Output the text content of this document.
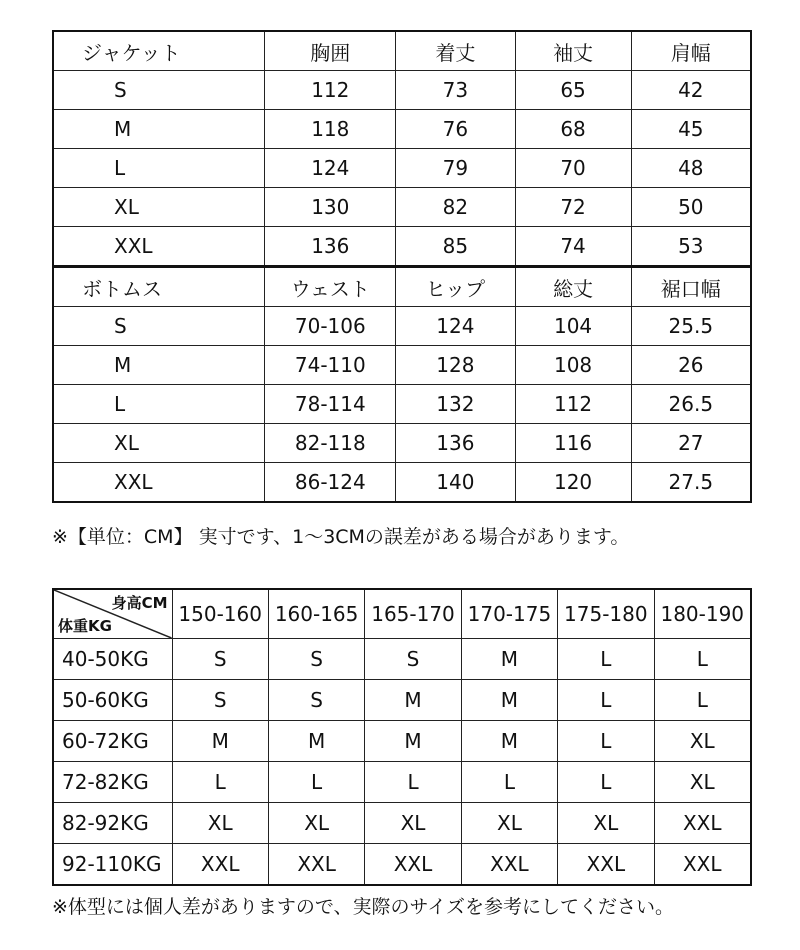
ジャケット	胸囲	着丈	袖丈	肩幅
S	112	73	65	42
M	118	76	68	45
L	124	79	70	48
XL	130	82	72	50
XXL	136	85	74	53
ボトムス	ウェスト	ヒップ	総丈	裾口幅
S	70-106	124	104	25.5
M	74-110	128	108	26
L	78-114	132	112	26.5
XL	82-118	136	116	27
XXL	86-124	140	120	27.5
※【単位：CM】 実寸です、1～3CMの誤差がある場合があります。
身高CM
体重KG	150-160	160-165	165-170	170-175	175-180	180-190
40-50KG	S	S	S	M	L	L
50-60KG	S	S	M	M	L	L
60-72KG	M	M	M	M	L	XL
72-82KG	L	L	L	L	L	XL
82-92KG	XL	XL	XL	XL	XL	XXL
92-110KG	XXL	XXL	XXL	XXL	XXL	XXL
※体型には個人差がありますので、実際のサイズを参考にしてください。
